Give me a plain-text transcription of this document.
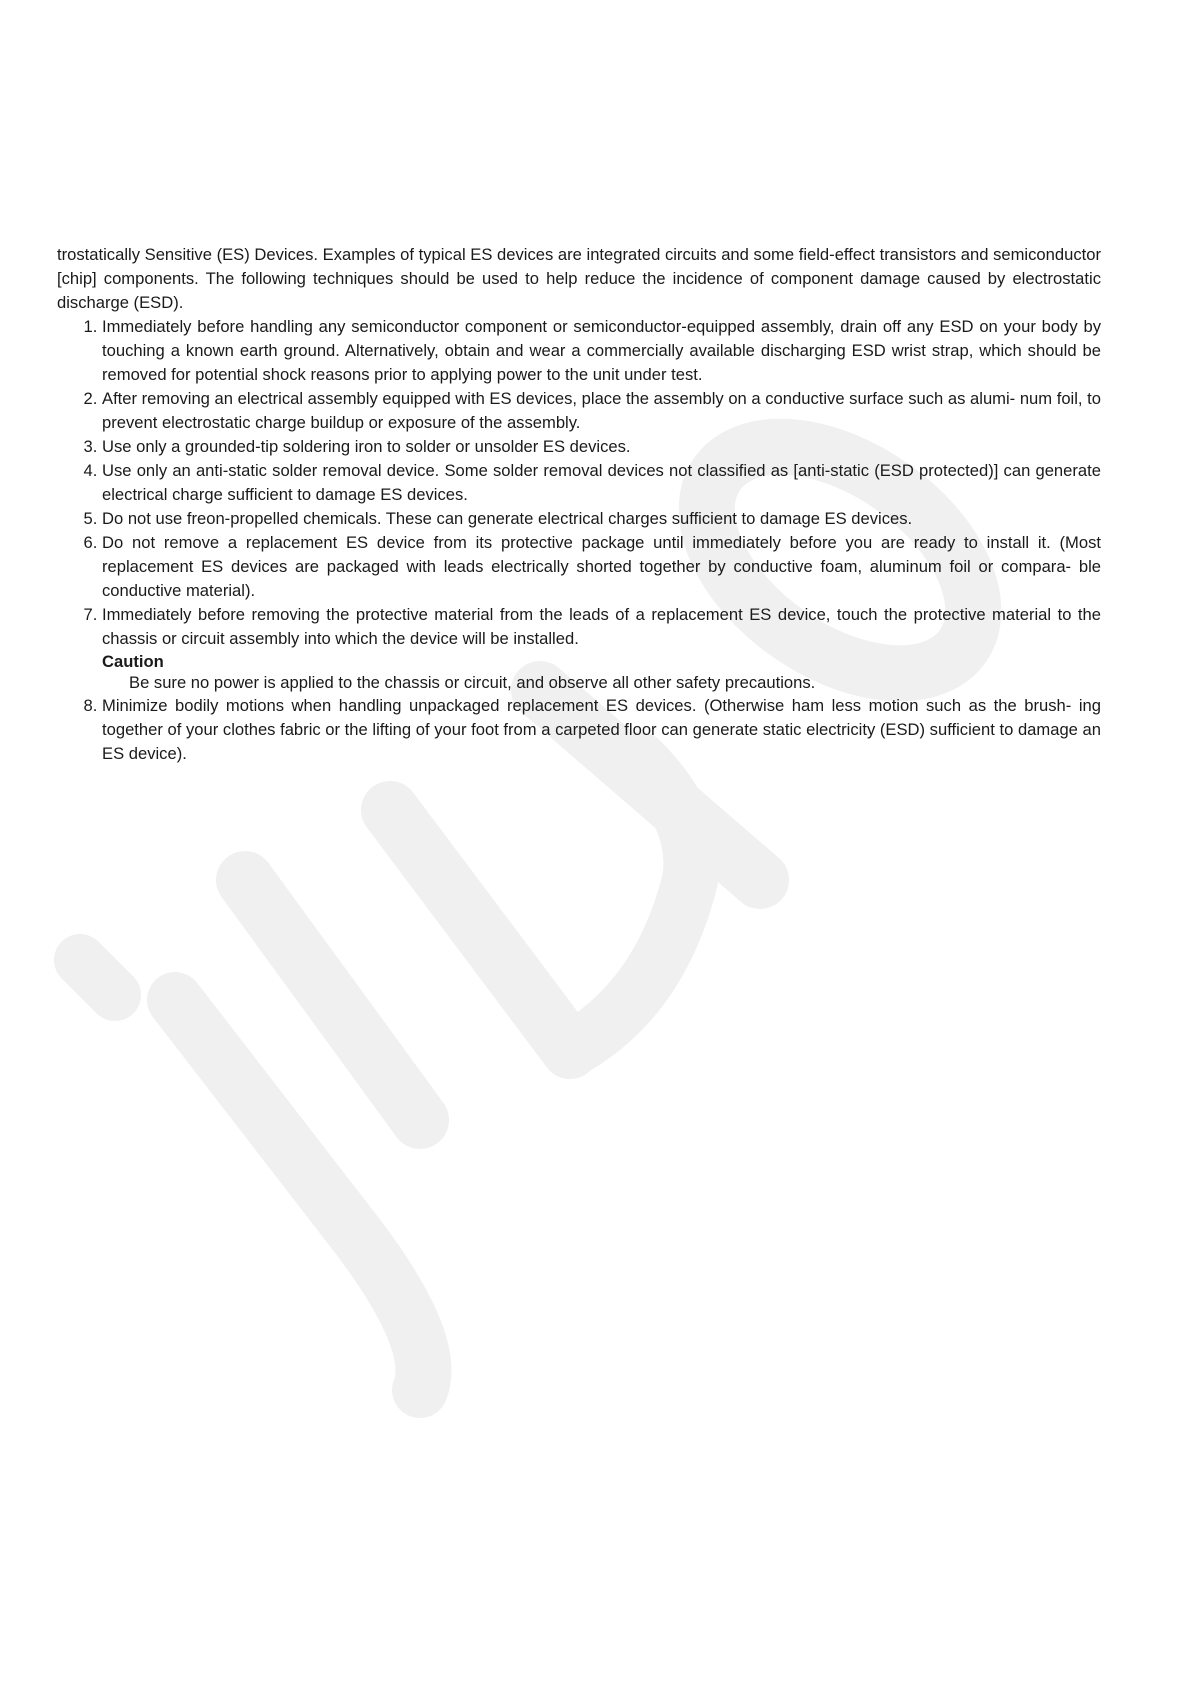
trostatically Sensitive (ES) Devices. Examples of typical ES devices are integrated circuits and some field-effect transistors and semiconductor [chip] components. The following techniques should be used to help reduce the incidence of component damage caused by electrostatic discharge (ESD).

1. Immediately before handling any semiconductor component or semiconductor-equipped assembly, drain off any ESD on your body by touching a known earth ground. Alternatively, obtain and wear a commercially available discharging ESD wrist strap, which should be removed for potential shock reasons prior to applying power to the unit under test.
2. After removing an electrical assembly equipped with ES devices, place the assembly on a conductive surface such as alumi- num foil, to prevent electrostatic charge buildup or exposure of the assembly.
3. Use only a grounded-tip soldering iron to solder or unsolder ES devices.
4. Use only an anti-static solder removal device. Some solder removal devices not classified as [anti-static (ESD protected)] can generate electrical charge sufficient to damage ES devices.
5. Do not use freon-propelled chemicals. These can generate electrical charges sufficient to damage ES devices.
6. Do not remove a replacement ES device from its protective package until immediately before you are ready to install it. (Most replacement ES devices are packaged with leads electrically shorted together by conductive foam, aluminum foil or compara- ble conductive material).
7. Immediately before removing the protective material from the leads of a replacement ES device, touch the protective material to the chassis or circuit assembly into which the device will be installed.
Caution
Be sure no power is applied to the chassis or circuit, and observe all other safety precautions.
8. Minimize bodily motions when handling unpackaged replacement ES devices. (Otherwise ham less motion such as the brush- ing together of your clothes fabric or the lifting of your foot from a carpeted floor can generate static electricity (ESD) sufficient to damage an ES device).
